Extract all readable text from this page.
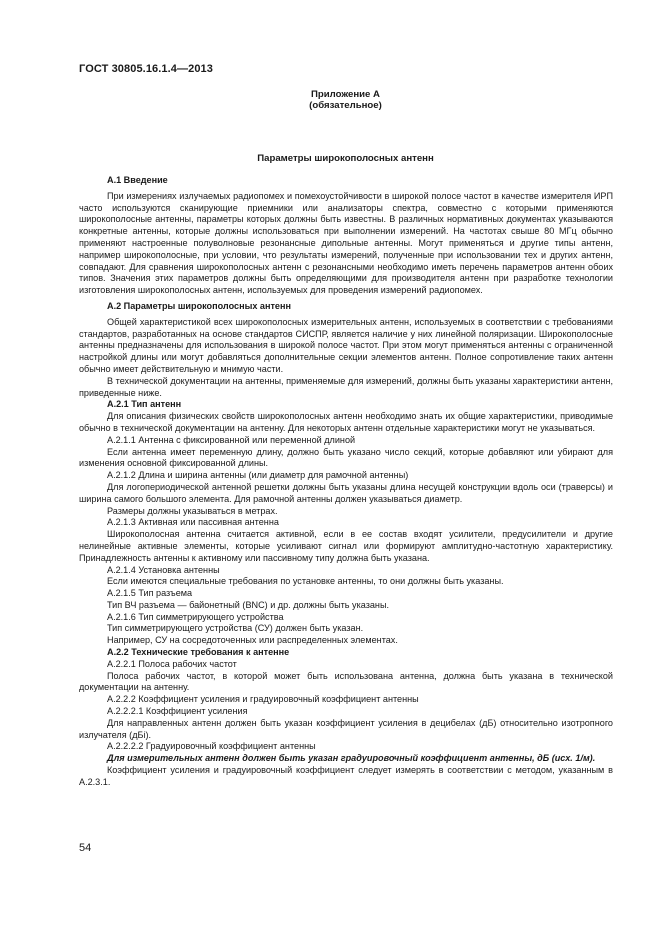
ГОСТ 30805.16.1.4—2013
Приложение А
(обязательное)
Параметры широкополосных антенн

А.1 Введение

При измерениях излучаемых радиопомех и помехоустойчивости в широкой полосе частот в качестве измерителя ИРП часто используются сканирующие приемники или анализаторы спектра, совместно с которыми применяются широкополосные антенны, параметры которых должны быть известны. В различных нормативных документах указываются конкретные антенны, которые должны использоваться при выполнении измерений. На частотах свыше 80 МГц обычно применяют настроенные полуволновые резонансные дипольные антенны. Могут применяться и другие типы антенн, например широкополосные, при условии, что результаты измерений, полученные при использовании тех и других антенн, совпадают. Для сравнения широкополосных антенн с резонансными необходимо иметь перечень параметров антенн обоих типов. Значения этих параметров должны быть определяющими для производителя антенн при разработке технологии изготовления широкополосных антенн, используемых для проведения измерений радиопомех.

А.2 Параметры широкополосных антенн

Общей характеристикой всех широкополосных измерительных антенн, используемых в соответствии с требованиями стандартов, разработанных на основе стандартов СИСПР, является наличие у них линейной поляризации. Широкополосные антенны предназначены для использования в широкой полосе частот. При этом могут применяться антенны с ограниченной настройкой длины или могут добавляться дополнительные секции элементов антенн. Полное сопротивление таких антенн обычно имеет действительную и мнимую части.

В технической документации на антенны, применяемые для измерений, должны быть указаны характеристики антенн, приведенные ниже.

А.2.1 Тип антенн

Для описания физических свойств широкополосных антенн необходимо знать их общие характеристики, приводимые обычно в технической документации на антенну. Для некоторых антенн отдельные характеристики могут не указываться.

А.2.1.1 Антенна с фиксированной или переменной длиной

Если антенна имеет переменную длину, должно быть указано число секций, которые добавляют или убирают для изменения основной фиксированной длины.

А.2.1.2 Длина и ширина антенны (или диаметр для рамочной антенны)

Для логопериодической антенной решетки должны быть указаны длина несущей конструкции вдоль оси (траверсы) и ширина самого большого элемента. Для рамочной антенны должен указываться диаметр.

Размеры должны указываться в метрах.

А.2.1.3 Активная или пассивная антенна

Широкополосная антенна считается активной, если в ее состав входят усилители, предусилители и другие нелинейные активные элементы, которые усиливают сигнал или формируют амплитудно-частотную характеристику. Принадлежность антенны к активному или пассивному типу должна быть указана.

А.2.1.4 Установка антенны

Если имеются специальные требования по установке антенны, то они должны быть указаны.

А.2.1.5 Тип разъема

Тип ВЧ разъема — байонетный (BNC) и др. должны быть указаны.

А.2.1.6 Тип симметрирующего устройства

Тип симметрирующего устройства (СУ) должен быть указан.

Например, СУ на сосредоточенных или распределенных элементах.

А.2.2 Технические требования к антенне

А.2.2.1 Полоса рабочих частот

Полоса рабочих частот, в которой может быть использована антенна, должна быть указана в технической документации на антенну.

А.2.2.2 Коэффициент усиления и градуировочный коэффициент антенны

А.2.2.2.1 Коэффициент усиления

Для направленных антенн должен быть указан коэффициент усиления в децибелах (дБ) относительно изотропного излучателя (дБi).

А.2.2.2.2 Градуировочный коэффициент антенны

Для измерительных антенн должен быть указан градуировочный коэффициент антенны, дБ (исх. 1/м).

Коэффициент усиления и градуировочный коэффициент следует измерять в соответствии с методом, указанным в А.2.3.1.

54
